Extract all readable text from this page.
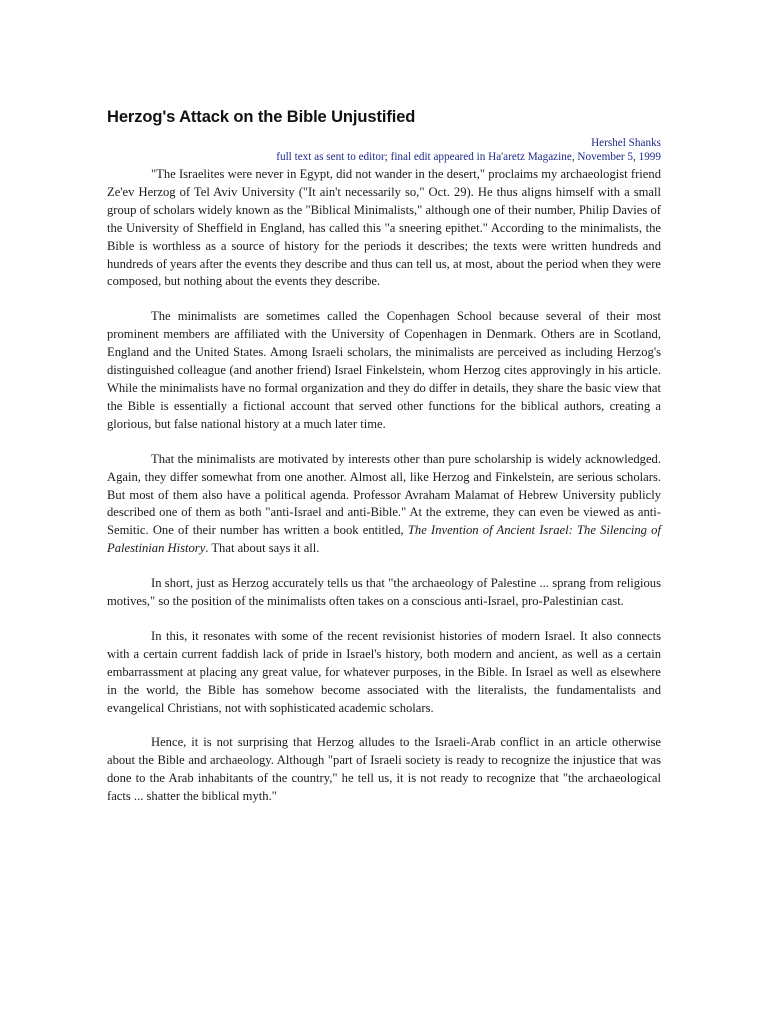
Herzog's Attack on the Bible Unjustified

Hershel Shanks

full text as sent to editor; final edit appeared in Ha'aretz Magazine, November 5, 1999

"The Israelites were never in Egypt, did not wander in the desert," proclaims my archaeologist friend Ze'ev Herzog of Tel Aviv University ("It ain't necessarily so," Oct. 29). He thus aligns himself with a small group of scholars widely known as the "Biblical Minimalists," although one of their number, Philip Davies of the University of Sheffield in England, has called this "a sneering epithet." According to the minimalists, the Bible is worthless as a source of history for the periods it describes; the texts were written hundreds and hundreds of years after the events they describe and thus can tell us, at most, about the period when they were composed, but nothing about the events they describe.

The minimalists are sometimes called the Copenhagen School because several of their most prominent members are affiliated with the University of Copenhagen in Denmark. Others are in Scotland, England and the United States. Among Israeli scholars, the minimalists are perceived as including Herzog's distinguished colleague (and another friend) Israel Finkelstein, whom Herzog cites approvingly in his article. While the minimalists have no formal organization and they do differ in details, they share the basic view that the Bible is essentially a fictional account that served other functions for the biblical authors, creating a glorious, but false national history at a much later time.

That the minimalists are motivated by interests other than pure scholarship is widely acknowledged. Again, they differ somewhat from one another. Almost all, like Herzog and Finkelstein, are serious scholars. But most of them also have a political agenda. Professor Avraham Malamat of Hebrew University publicly described one of them as both "anti-Israel and anti-Bible." At the extreme, they can even be viewed as anti-Semitic. One of their number has written a book entitled, The Invention of Ancient Israel: The Silencing of Palestinian History. That about says it all.

In short, just as Herzog accurately tells us that "the archaeology of Palestine ... sprang from religious motives," so the position of the minimalists often takes on a conscious anti-Israel, pro-Palestinian cast.

In this, it resonates with some of the recent revisionist histories of modern Israel. It also connects with a certain current faddish lack of pride in Israel's history, both modern and ancient, as well as a certain embarrassment at placing any great value, for whatever purposes, in the Bible. In Israel as well as elsewhere in the world, the Bible has somehow become associated with the literalists, the fundamentalists and evangelical Christians, not with sophisticated academic scholars.

Hence, it is not surprising that Herzog alludes to the Israeli-Arab conflict in an article otherwise about the Bible and archaeology. Although "part of Israeli society is ready to recognize the injustice that was done to the Arab inhabitants of the country," he tell us, it is not ready to recognize that "the archaeological facts ... shatter the biblical myth."
